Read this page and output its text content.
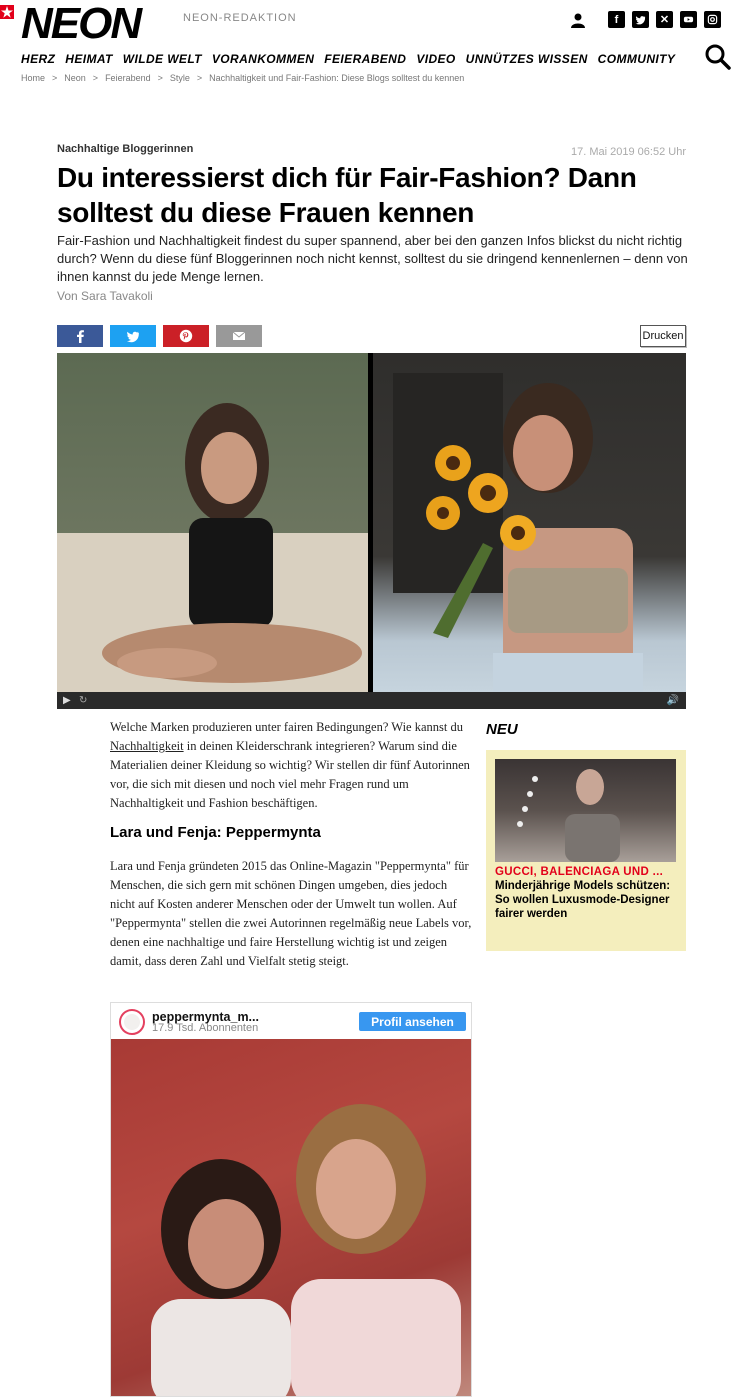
NEON	NEON-REDAKTION	f	✕
HERZ HEIMAT WILDE WELT VORANKOMMEN FEIERABEND VIDEO UNNÜTZES WISSEN COMMUNITY
Home > Neon > Feierabend > Style > Nachhaltigkeit und Fair-Fashion: Diese Blogs solltest du kennen
Nachhaltige Bloggerinnen	17. Mai 2019 06:52 Uhr
Du interessierst dich für Fair-Fashion? Dann solltest du diese Frauen kennen

Fair-Fashion und Nachhaltigkeit findest du super spannend, aber bei den ganzen Infos blickst du nicht richtig durch? Wenn du diese fünf Bloggerinnen noch nicht kennst, solltest du sie dringend kennenlernen – denn von ihnen kannst du jede Menge lernen.

Von Sara Tavakoli
Drucken
▶ ↻	🔊
Welche Marken produzieren unter fairen Bedingungen? Wie kannst du Nachhaltigkeit in deinen Kleiderschrank integrieren? Warum sind die Materialien deiner Kleidung so wichtig? Wir stellen dir fünf Autorinnen vor, die sich mit diesen und noch viel mehr Fragen rund um Nachhaltigkeit und Fashion beschäftigen.
Lara und Fenja: Peppermynta
Lara und Fenja gründeten 2015 das Online-Magazin "Peppermynta" für Menschen, die sich gern mit schönen Dingen umgeben, dies jedoch nicht auf Kosten anderer Menschen oder der Umwelt tun wollen. Auf "Peppermynta" stellen die zwei Autorinnen regelmäßig neue Labels vor, denen eine nachhaltige und faire Herstellung wichtig ist und zeigen damit, dass deren Zahl und Vielfalt stetig steigt.
NEU
GUCCI, BALENCIAGA UND ...
Minderjährige Models schützen: So wollen Luxusmode-Designer fairer werden
peppermynta_m...
17.9 Tsd. Abonnenten	Profil ansehen
